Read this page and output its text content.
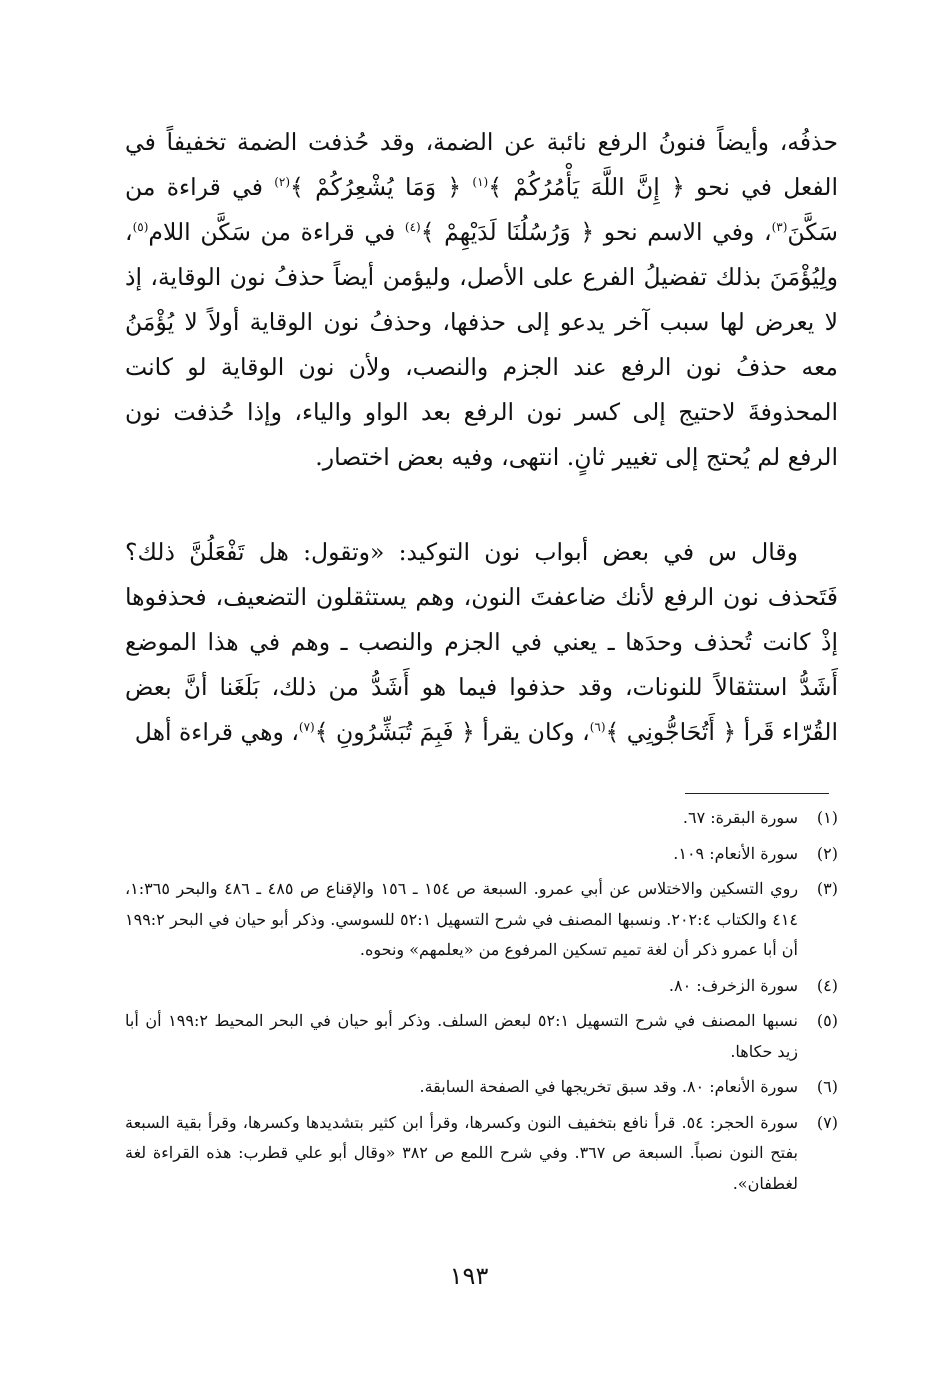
حذفُه، وأيضاً فنونُ الرفع نائبة عن الضمة، وقد حُذفت الضمة تخفيفاً في الفعل في نحو ﴿ إِنَّ اللَّهَ يَأْمُرُكُمْ ﴾$^{(١)}$ ﴿ وَمَا يُشْعِرُكُمْ ﴾$^{(٢)}$ في قراءة من سَكَّنَ$^{(٣)}$، وفي الاسم نحو ﴿ وَرُسُلُنَا لَدَيْهِمْ ﴾$^{(٤)}$ في قراءة من سَكَّن اللام$^{(٥)}$، ولِيُؤْمَنَ بذلك تفضيلُ الفرع على الأصل، وليؤمن أيضاً حذفُ نون الوقاية، إذ لا يعرض لها سبب آخر يدعو إلى حذفها، وحذفُ نون الوقاية أولاً لا يُؤْمَنُ معه حذفُ نون الرفع عند الجزم والنصب، ولأن نون الوقاية لو كانت المحذوفةَ لاحتيج إلى كسر نون الرفع بعد الواو والياء، وإذا حُذفت نون الرفع لم يُحتج إلى تغيير ثانٍ. انتهى، وفيه بعض اختصار.

وقال س في بعض أبواب نون التوكيد: «وتقول: هل تَفْعَلُنَّ ذلك؟ فَتَحذف نون الرفع لأنك ضاعفتَ النون، وهم يستثقلون التضعيف، فحذفوها إذْ كانت تُحذف وحدَها ـ يعني في الجزم والنصب ـ وهم في هذا الموضع أَشَدُّ استثقالاً للنونات، وقد حذفوا فيما هو أَشَدُّ من ذلك، بَلَغَنا أنَّ بعض القُرّاء قَرأ ﴿ أَتُحَاجُّونِي ﴾$^{(٦)}$، وكان يقرأ ﴿ فَبِمَ تُبَشِّرُونِ ﴾$^{(٧)}$، وهي قراءة أهل

(١)
سورة البقرة: ٦٧.
(٢)
سورة الأنعام: ١٠٩.
(٣)
روي التسكين والاختلاس عن أبي عمرو. السبعة ص ١٥٤ ـ ١٥٦ والإقناع ص ٤٨٥ ـ ٤٨٦ والبحر ١:٣٦٥، ٤١٤ والكتاب ٢٠٢:٤. ونسبها المصنف في شرح التسهيل ٥٢:١ للسوسي. وذكر أبو حيان في البحر ١٩٩:٢ أن أبا عمرو ذكر أن لغة تميم تسكين المرفوع من «يعلمهم» ونحوه.
(٤)
سورة الزخرف: ٨٠.
(٥)
نسبها المصنف في شرح التسهيل ٥٢:١ لبعض السلف. وذكر أبو حيان في البحر المحيط ١٩٩:٢ أن أبا زيد حكاها.
(٦)
سورة الأنعام: ٨٠. وقد سبق تخريجها في الصفحة السابقة.
(٧)
سورة الحجر: ٥٤. قرأ نافع بتخفيف النون وكسرها، وقرأ ابن كثير بتشديدها وكسرها، وقرأ بقية السبعة بفتح النون نصباً. السبعة ص ٣٦٧. وفي شرح اللمع ص ٣٨٢ «وقال أبو علي قطرب: هذه القراءة لغة لغطفان».
١٩٣
